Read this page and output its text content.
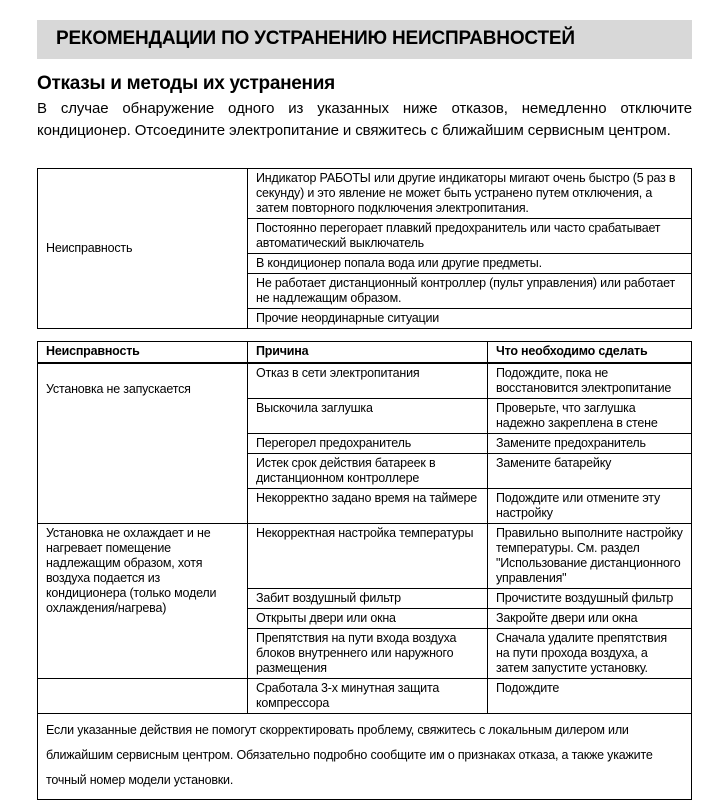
РЕКОМЕНДАЦИИ ПО УСТРАНЕНИЮ НЕИСПРАВНОСТЕЙ
Отказы и методы их устранения

В случае обнаружение одного из указанных ниже отказов, немедленно отключите кондиционер. Отсоедините электропитание и свяжитесь с ближайшим сервисным центром.

Неисправность	Индикатор РАБОТЫ или другие индикаторы мигают очень быстро (5 раз в секунду) и это явление не может быть устранено путем отключения, а затем повторного подключения электропитания.
Постоянно перегорает плавкий предохранитель или часто срабатывает автоматический выключатель
В кондиционер попала вода или другие предметы.
Не работает дистанционный контроллер (пульт управления) или работает не надлежащим образом.
Прочие неординарные ситуации
Неисправность	Причина	Что необходимо сделать
Установка не запускается	Отказ в сети электропитания	Подождите, пока не восстановится электропитание
	Выскочила заглушка	Проверьте, что заглушка надежно закреплена в стене
	Перегорел предохранитель	Замените предохранитель
	Истек срок действия батареек в дистанционном контроллере	Замените батарейку
	Некорректно задано время на таймере	Подождите или отмените эту настройку
Установка не охлаждает и не нагревает помещение надлежащим образом, хотя воздуха подается из кондиционера (только модели охлаждения/нагрева)	Некорректная настройка температуры	Правильно выполните настройку температуры. См. раздел "Использование дистанционного управления"
	Забит воздушный фильтр	Прочистите воздушный фильтр
	Открыты двери или окна	Закройте двери или окна
	Препятствия на пути входа воздуха блоков внутреннего или наружного размещения	Сначала удалите препятствия на пути прохода воздуха, а затем запустите установку.
	Сработала 3-х минутная защита компрессора	Подождите
Если указанные действия не помогут скорректировать проблему, свяжитесь с локальным дилером или ближайшим сервисным центром. Обязательно подробно сообщите им о признаках отказа, а также укажите точный номер модели установки.		
